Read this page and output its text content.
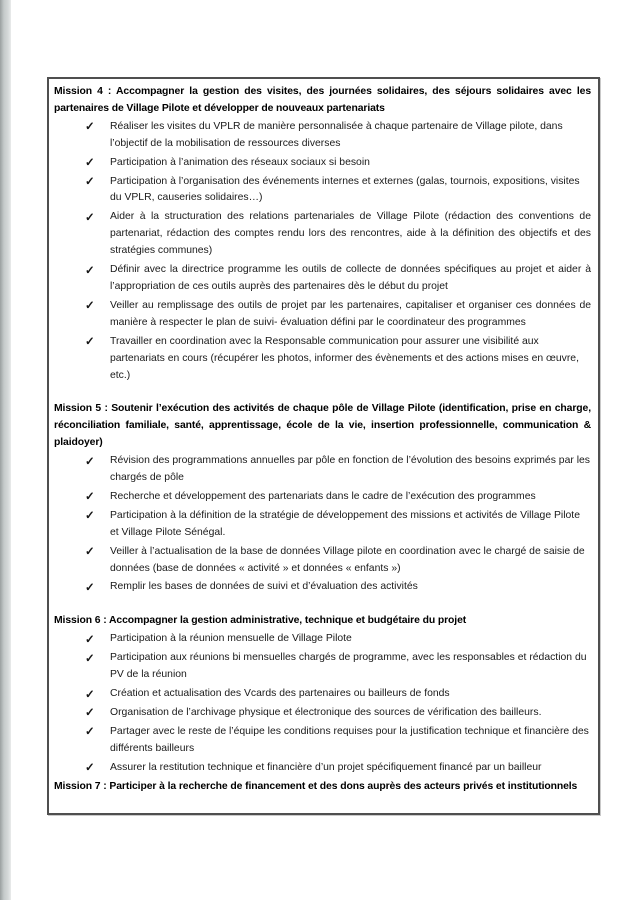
Mission 4 : Accompagner la gestion des visites, des journées solidaires, des séjours solidaires avec les partenaires de Village Pilote et développer de nouveaux partenariats

✓ Réaliser les visites du VPLR de manière personnalisée à chaque partenaire de Village pilote, dans l’objectif de la mobilisation de ressources diverses
✓ Participation à l’animation des réseaux sociaux si besoin
✓ Participation à l’organisation des événements internes et externes (galas, tournois, expositions, visites du VPLR, causeries solidaires…)
✓ Aider à la structuration des relations partenariales de Village Pilote (rédaction des conventions de partenariat, rédaction des comptes rendu lors des rencontres, aide à la définition des objectifs et des stratégies communes)
✓ Définir avec la directrice programme les outils de collecte de données spécifiques au projet et aider à l’appropriation de ces outils auprès des partenaires dès le début du projet
✓ Veiller au remplissage des outils de projet par les partenaires, capitaliser et organiser ces données de manière à respecter le plan de suivi- évaluation défini par le coordinateur des programmes
✓ Travailler en coordination avec la Responsable communication pour assurer une visibilité aux partenariats en cours (récupérer les photos, informer des évènements et des actions mises en œuvre, etc.)

Mission 5 : Soutenir l’exécution des activités de chaque pôle de Village Pilote (identification, prise en charge, réconciliation familiale, santé, apprentissage, école de la vie, insertion professionnelle, communication & plaidoyer)

✓ Révision des programmations annuelles par pôle en fonction de l’évolution des besoins exprimés par les chargés de pôle
✓ Recherche et développement des partenariats dans le cadre de l’exécution des programmes
✓ Participation à la définition de la stratégie de développement des missions et activités de Village Pilote et Village Pilote Sénégal.
✓ Veiller à l’actualisation de la base de données Village pilote en coordination avec le chargé de saisie de données (base de données « activité » et données « enfants »)
✓ Remplir les bases de données de suivi et d’évaluation des activités

Mission 6 : Accompagner la gestion administrative, technique et budgétaire du projet

✓ Participation à la réunion mensuelle de Village Pilote
✓ Participation aux réunions bi mensuelles chargés de programme, avec les responsables et rédaction du PV de la réunion
✓ Création et actualisation des Vcards des partenaires ou bailleurs de fonds
✓ Organisation de l’archivage physique et électronique des sources de vérification des bailleurs.
✓ Partager avec le reste de l’équipe les conditions requises pour la justification technique et financière des différents bailleurs
✓ Assurer la restitution technique et financière d’un projet spécifiquement financé par un bailleur

Mission 7 : Participer à la recherche de financement et des dons auprès des acteurs privés et institutionnels
